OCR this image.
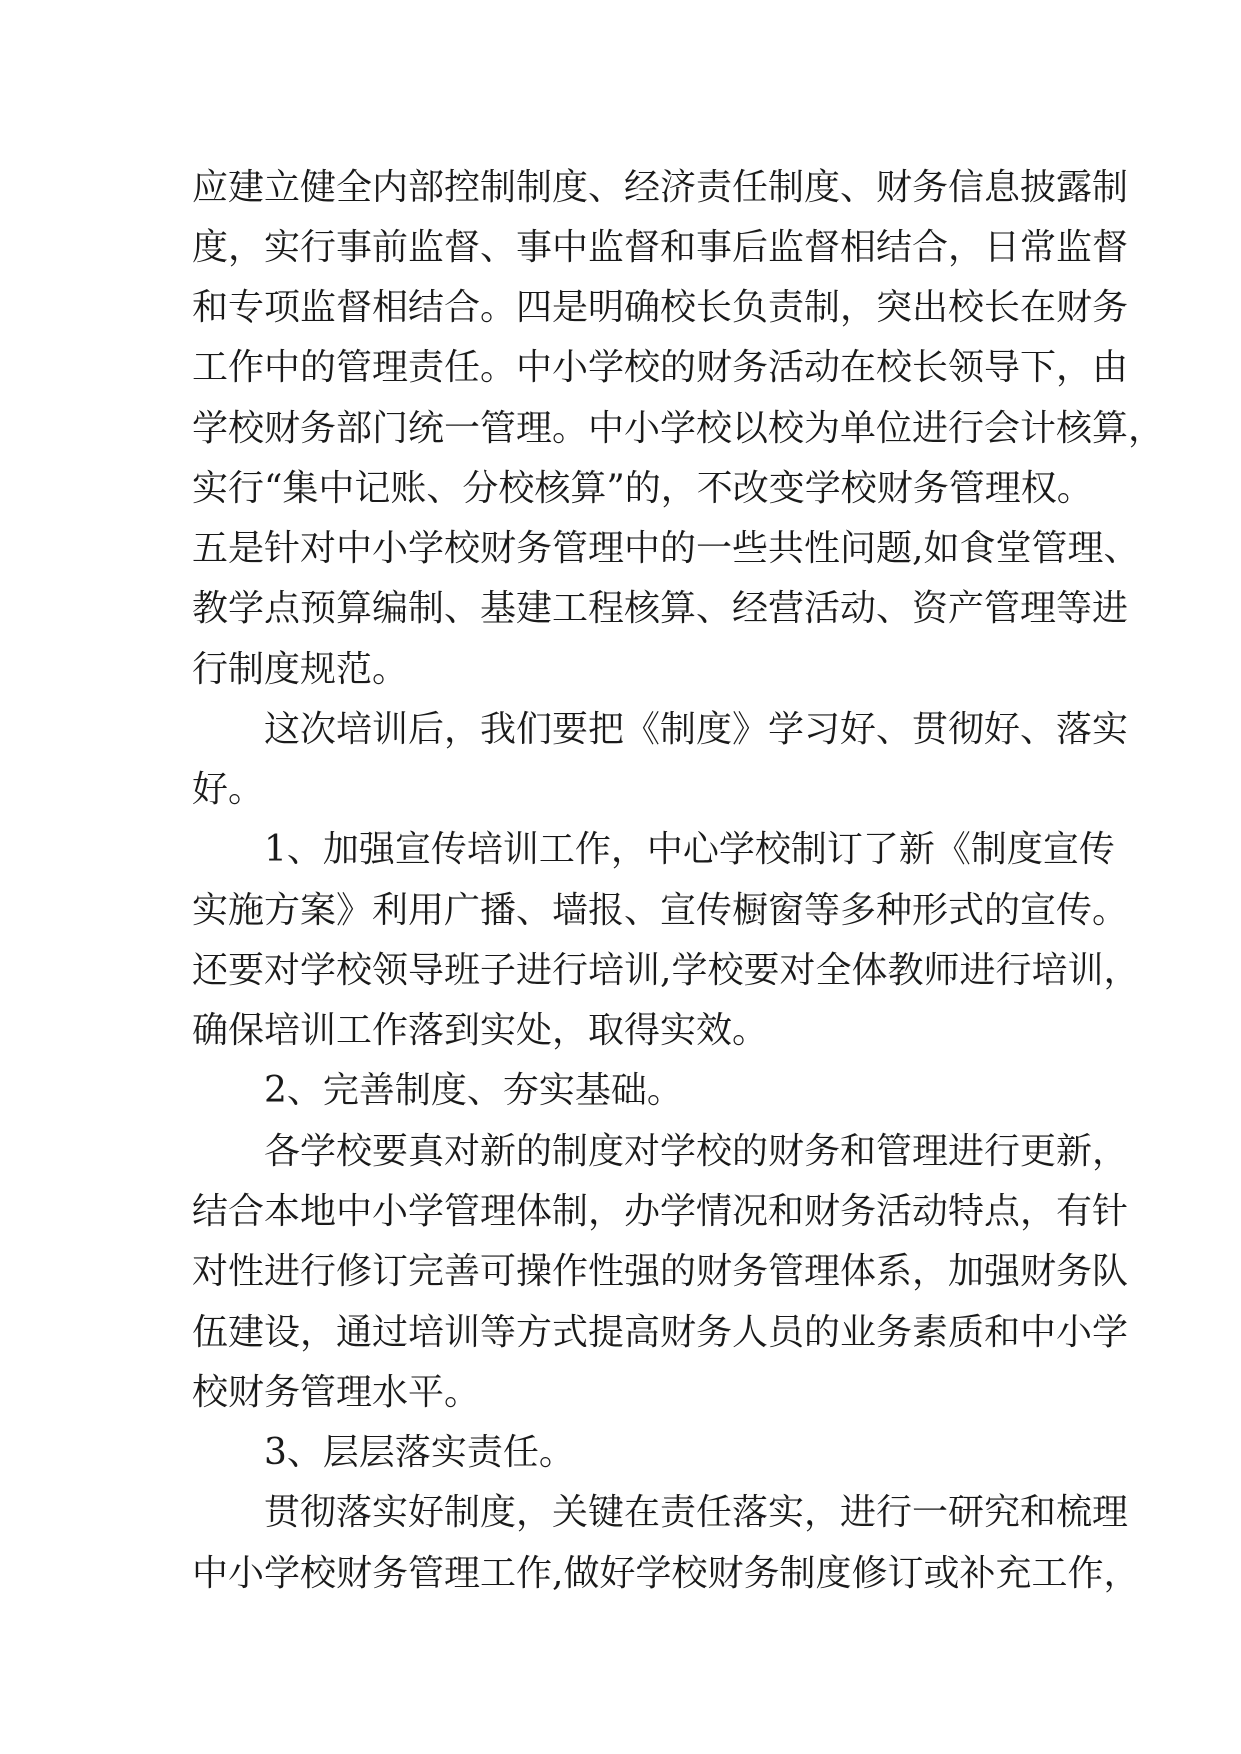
应建立健全内部控制制度、经济责任制度、财务信息披露制
度，实行事前监督、事中监督和事后监督相结合，日常监督
和专项监督相结合。四是明确校长负责制，突出校长在财务
工作中的管理责任。中小学校的财务活动在校长领导下，由
学校财务部门统一管理。中小学校以校为单位进行会计核算，
实行“集中记账、分校核算”的，不改变学校财务管理权。
五是针对中小学校财务管理中的一些共性问题,如食堂管理、
教学点预算编制、基建工程核算、经营活动、资产管理等进
行制度规范。
这次培训后，我们要把《制度》学习好、贯彻好、落实
好。
1、加强宣传培训工作，中心学校制订了新《制度宣传
实施方案》利用广播、墙报、宣传橱窗等多种形式的宣传。
还要对学校领导班子进行培训,学校要对全体教师进行培训，
确保培训工作落到实处，取得实效。
2、完善制度、夯实基础。
各学校要真对新的制度对学校的财务和管理进行更新，
结合本地中小学管理体制，办学情况和财务活动特点，有针
对性进行修订完善可操作性强的财务管理体系，加强财务队
伍建设，通过培训等方式提高财务人员的业务素质和中小学
校财务管理水平。
3、层层落实责任。
贯彻落实好制度，关键在责任落实，进行一研究和梳理
中小学校财务管理工作,做好学校财务制度修订或补充工作，
